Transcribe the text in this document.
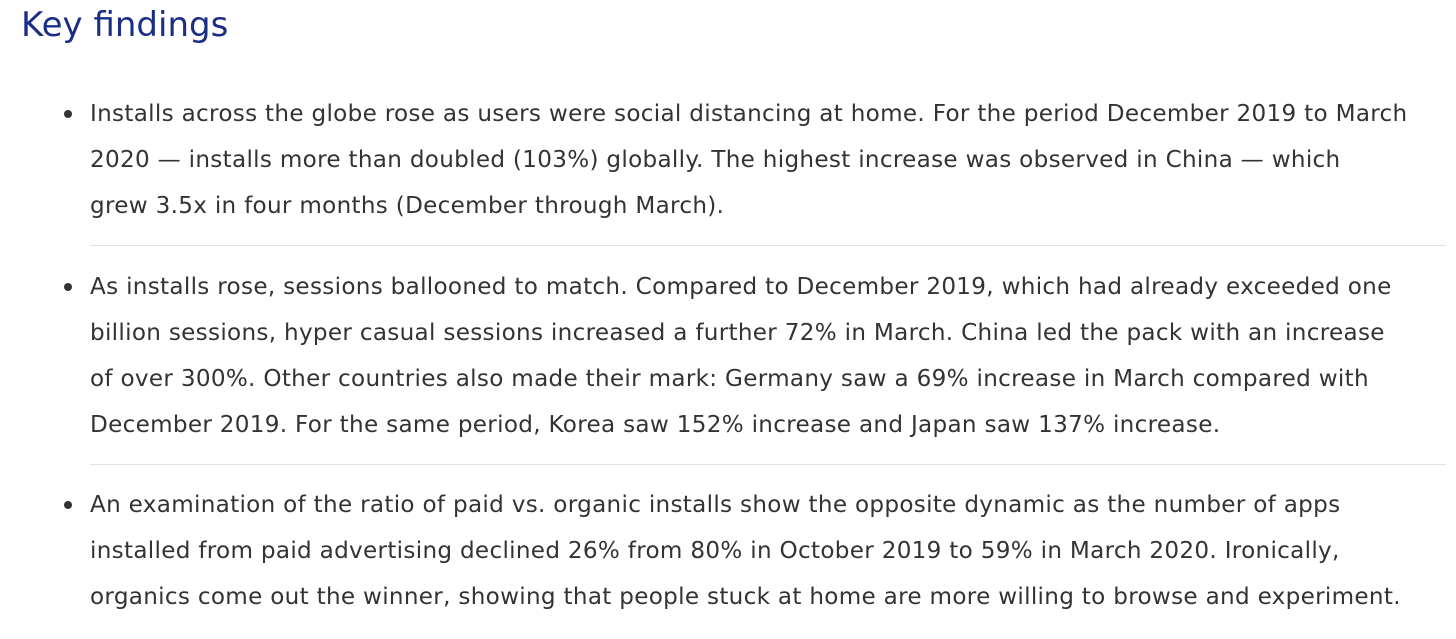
Key findings
Installs across the globe rose as users were social distancing at home. For the period December 2019 to March
2020 — installs more than doubled (103%) globally. The highest increase was observed in China — which
grew 3.5x in four months (December through March).
As installs rose, sessions ballooned to match. Compared to December 2019, which had already exceeded one
billion sessions, hyper casual sessions increased a further 72% in March. China led the pack with an increase
of over 300%. Other countries also made their mark: Germany saw a 69% increase in March compared with
December 2019. For the same period, Korea saw 152% increase and Japan saw 137% increase.
An examination of the ratio of paid vs. organic installs show the opposite dynamic as the number of apps
installed from paid advertising declined 26% from 80% in October 2019 to 59% in March 2020. Ironically,
organics come out the winner, showing that people stuck at home are more willing to browse and experiment.
